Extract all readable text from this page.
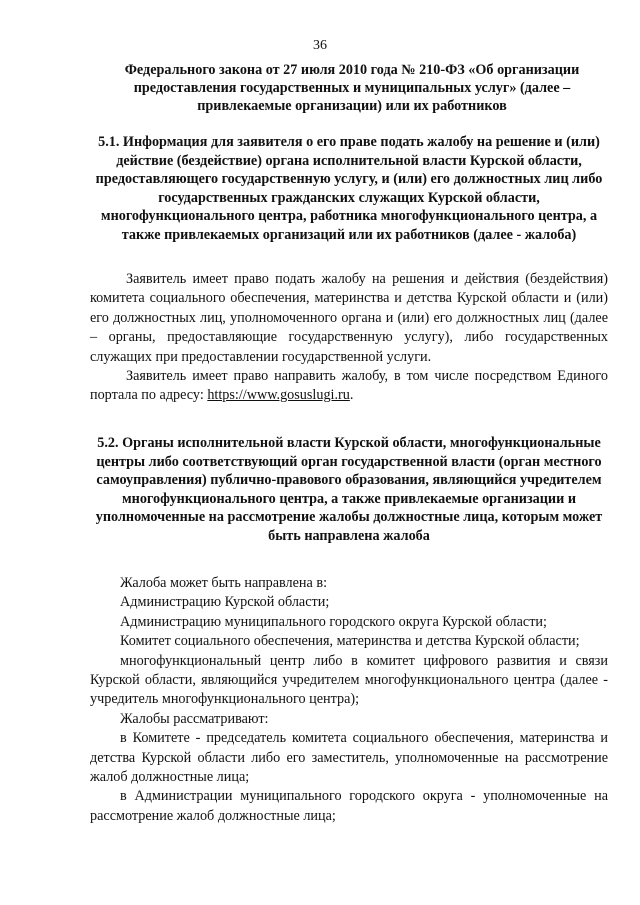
36
Федерального закона от 27 июля 2010 года № 210-ФЗ «Об организации предоставления государственных и муниципальных услуг» (далее – привлекаемые организации) или их работников
5.1. Информация для заявителя о его праве подать жалобу на решение и (или) действие (бездействие) органа исполнительной власти Курской области, предоставляющего государственную услугу, и (или) его должностных лиц либо государственных гражданских служащих Курской области, многофункционального центра, работника многофункционального центра, а также привлекаемых организаций или их работников (далее - жалоба)

Заявитель имеет право подать жалобу на решения и действия (бездействия) комитета социального обеспечения, материнства и детства Курской области и (или) его должностных лиц, уполномоченного органа и (или) его должностных лиц (далее – органы, предоставляющие государственную услугу), либо государственных служащих при предоставлении государственной услуги.

Заявитель имеет право направить жалобу, в том числе посредством Единого портала по адресу: https://www.gosuslugi.ru.

5.2. Органы исполнительной власти Курской области, многофункциональные центры либо соответствующий орган государственной власти (орган местного самоуправления) публично-правового образования, являющийся учредителем многофункционального центра, а также привлекаемые организации и уполномоченные на рассмотрение жалобы должностные лица, которым может быть направлена жалоба

Жалоба может быть направлена в:

Администрацию Курской области;

Администрацию муниципального городского округа Курской области;

Комитет социального обеспечения, материнства и детства Курской области;

многофункциональный центр либо в комитет цифрового развития и связи Курской области, являющийся учредителем многофункционального центра (далее - учредитель многофункционального центра);

Жалобы рассматривают:

в Комитете - председатель комитета социального обеспечения, материнства и детства Курской области либо его заместитель, уполномоченные на рассмотрение жалоб должностные лица;

в Администрации муниципального городского округа - уполномоченные на рассмотрение жалоб должностные лица;
